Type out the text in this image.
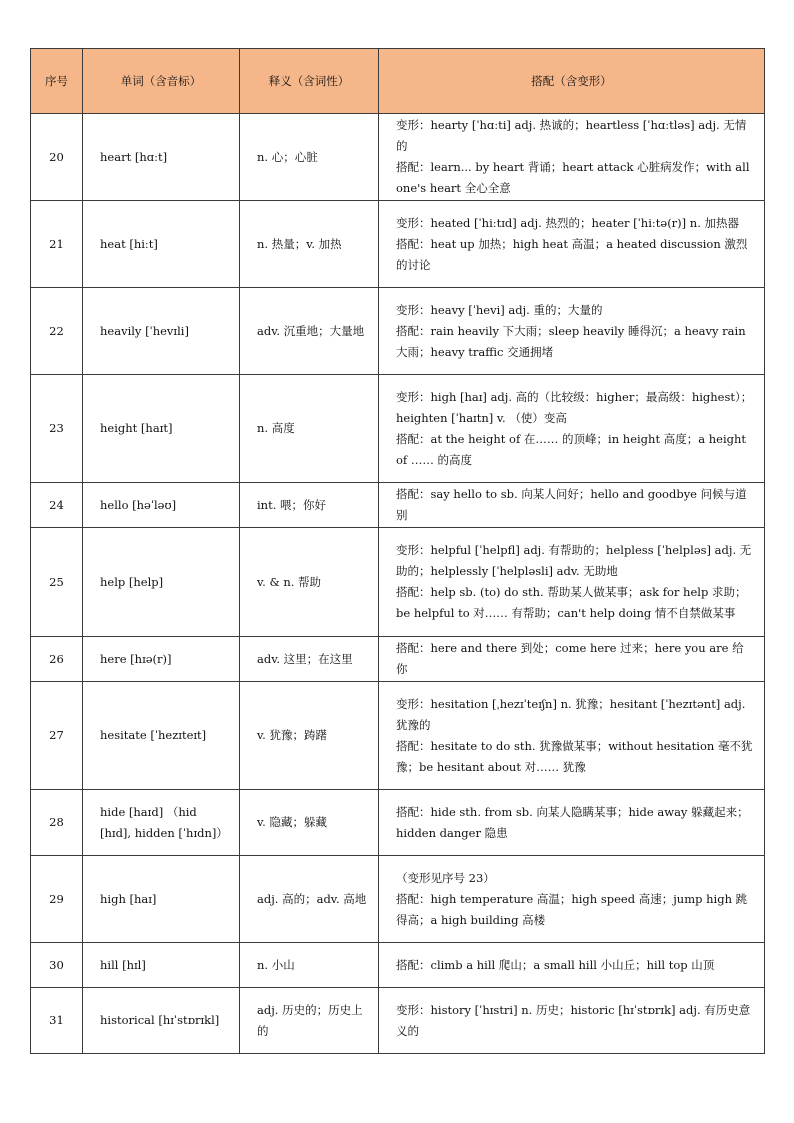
序号	单词（含音标）	释义（含词性）	搭配（含变形）
20	heart [hɑːt]	n. 心；心脏	变形：hearty [ˈhɑːti] adj. 热诚的；heartless [ˈhɑːtləs] adj. 无情的
搭配：learn... by heart 背诵；heart attack 心脏病发作；with all one's heart 全心全意

21	heat [hiːt]	n. 热量；v. 加热	变形：heated [ˈhiːtɪd] adj. 热烈的；heater [ˈhiːtə(r)] n. 加热器
搭配：heat up 加热；high heat 高温；a heated discussion 激烈的讨论

22	heavily [ˈhevɪli]	adv. 沉重地；大量地	变形：heavy [ˈhevi] adj. 重的；大量的
搭配：rain heavily 下大雨；sleep heavily 睡得沉；a heavy rain 大雨；heavy traffic 交通拥堵

23	height [haɪt]	n. 高度	变形：high [haɪ] adj. 高的（比较级：higher；最高级：highest）；heighten [ˈhaɪtn] v. （使）变高
搭配：at the height of 在…… 的顶峰；in height 高度；a height of …… 的高度

24	hello [həˈləʊ]	int. 喂；你好	搭配：say hello to sb. 向某人问好；hello and goodbye 问候与道别

25	help [help]	v. & n. 帮助	变形：helpful [ˈhelpfl] adj. 有帮助的；helpless [ˈhelpləs] adj. 无助的；helplessly [ˈhelpləsli] adv. 无助地
搭配：help sb. (to) do sth. 帮助某人做某事；ask for help 求助；be helpful to 对…… 有帮助；can't help doing 情不自禁做某事

26	here [hɪə(r)]	adv. 这里；在这里	搭配：here and there 到处；come here 过来；here you are 给你

27	hesitate [ˈhezɪteɪt]	v. 犹豫；踌躇	变形：hesitation [ˌhezɪˈteɪʃn] n. 犹豫；hesitant [ˈhezɪtənt] adj. 犹豫的
搭配：hesitate to do sth. 犹豫做某事；without hesitation 毫不犹豫；be hesitant about 对…… 犹豫

28	hide [haɪd] （hid [hɪd], hidden [ˈhɪdn]）	v. 隐藏；躲藏	搭配：hide sth. from sb. 向某人隐瞒某事；hide away 躲藏起来；hidden danger 隐患

29	high [haɪ]	adj. 高的；adv. 高地	（变形见序号 23）
搭配：high temperature 高温；high speed 高速；jump high 跳得高；a high building 高楼

30	hill [hɪl]	n. 小山	搭配：climb a hill 爬山；a small hill 小山丘；hill top 山顶

31	historical [hɪˈstɒrɪkl]	adj. 历史的；历史上的	变形：history [ˈhɪstri] n. 历史；historic [hɪˈstɒrɪk] adj. 有历史意义的
